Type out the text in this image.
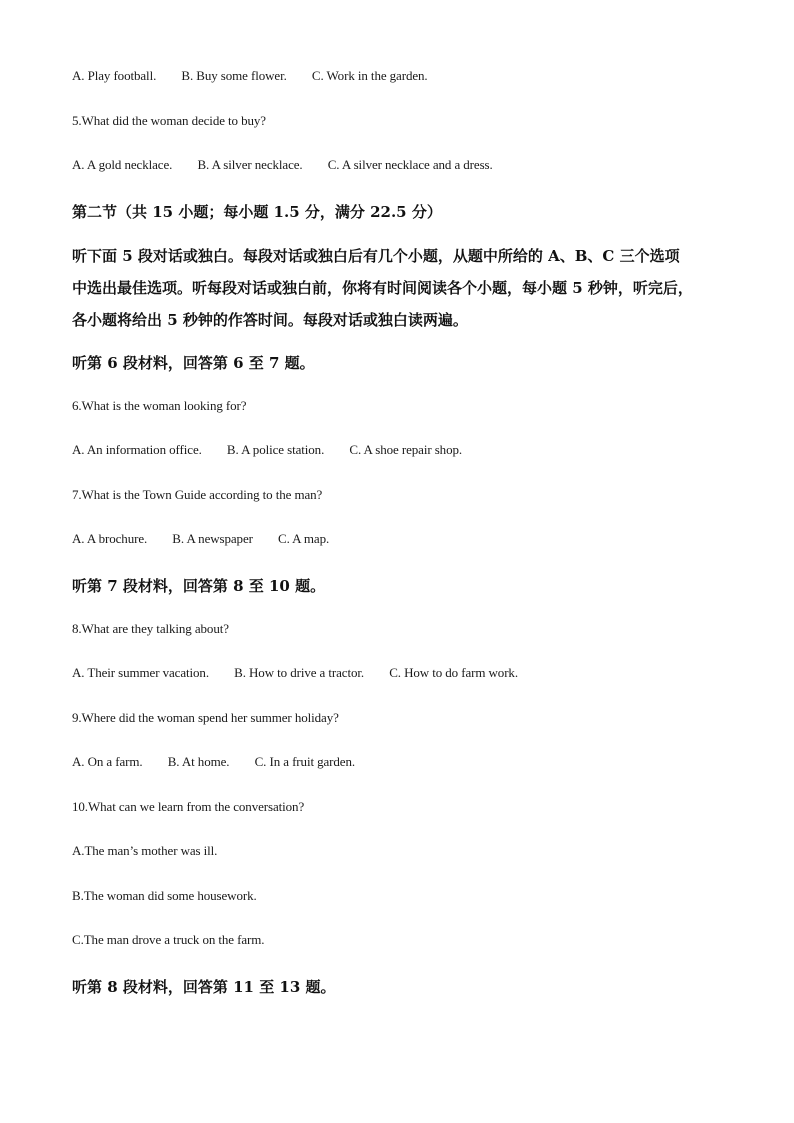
A. Play football. B. Buy some flower. C. Work in the garden.
5.What did the woman decide to buy?
A. A gold necklace. B. A silver necklace. C. A silver necklace and a dress.
第二节（共 15 小题；每小题 1.5 分，满分 22.5 分）
听下面 5 段对话或独白。每段对话或独白后有几个小题，从题中所给的 A、B、C 三个选项
中选出最佳选项。听每段对话或独白前，你将有时间阅读各个小题，每小题 5 秒钟，听完后，
各小题将给出 5 秒钟的作答时间。每段对话或独白读两遍。
听第 6 段材料，回答第 6 至 7 题。
6.What is the woman looking for?
A. An information office. B. A police station. C. A shoe repair shop.
7.What is the Town Guide according to the man?
A. A brochure. B. A newspaper C. A map.
听第 7 段材料，回答第 8 至 10 题。
8.What are they talking about?
A. Their summer vacation. B. How to drive a tractor. C. How to do farm work.
9.Where did the woman spend her summer holiday?
A. On a farm. B. At home. C. In a fruit garden.
10.What can we learn from the conversation?
A.The man’s mother was ill.
B.The woman did some housework.
C.The man drove a truck on the farm.
听第 8 段材料，回答第 11 至 13 题。
